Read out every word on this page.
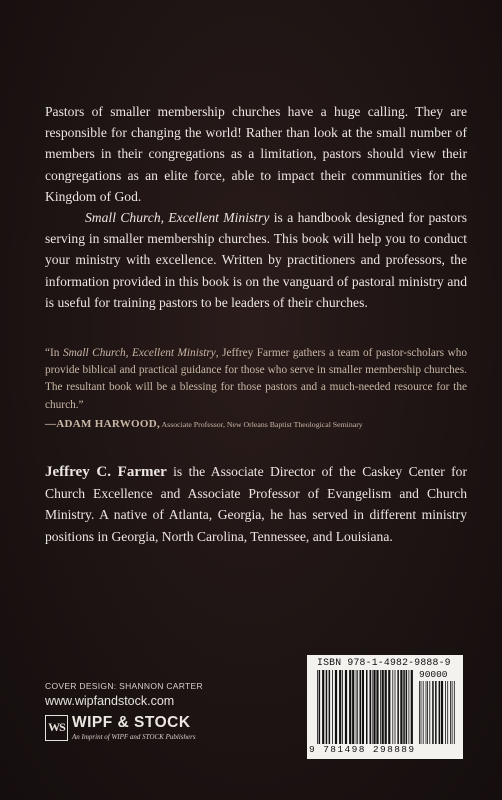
Pastors of smaller membership churches have a huge calling. They are responsible for changing the world! Rather than look at the small number of members in their congregations as a limitation, pastors should view their congregations as an elite force, able to impact their communities for the Kingdom of God.

Small Church, Excellent Ministry is a handbook designed for pastors serving in smaller membership churches. This book will help you to conduct your ministry with excellence. Written by practitioners and professors, the information provided in this book is on the vanguard of pastoral ministry and is useful for training pastors to be leaders of their churches.

“In Small Church, Excellent Ministry, Jeffrey Farmer gathers a team of pastor-scholars who provide biblical and practical guidance for those who serve in smaller membership churches. The resultant book will be a blessing for those pastors and a much-needed resource for the church.”

—ADAM HARWOOD, Associate Professor, New Orleans Baptist Theological Seminary

Jeffrey C. Farmer is the Associate Director of the Caskey Center for Church Excellence and Associate Professor of Evangelism and Church Ministry. A native of Atlanta, Georgia, he has served in different ministry positions in Georgia, North Carolina, Tennessee, and Louisiana.

COVER DESIGN: SHANNON CARTER
www.wipfandstock.com
WS WIPF & STOCK
An Imprint of WIPF and STOCK Publishers
ISBN 978-1-4982-9888-9
90000
9 781498 298889
